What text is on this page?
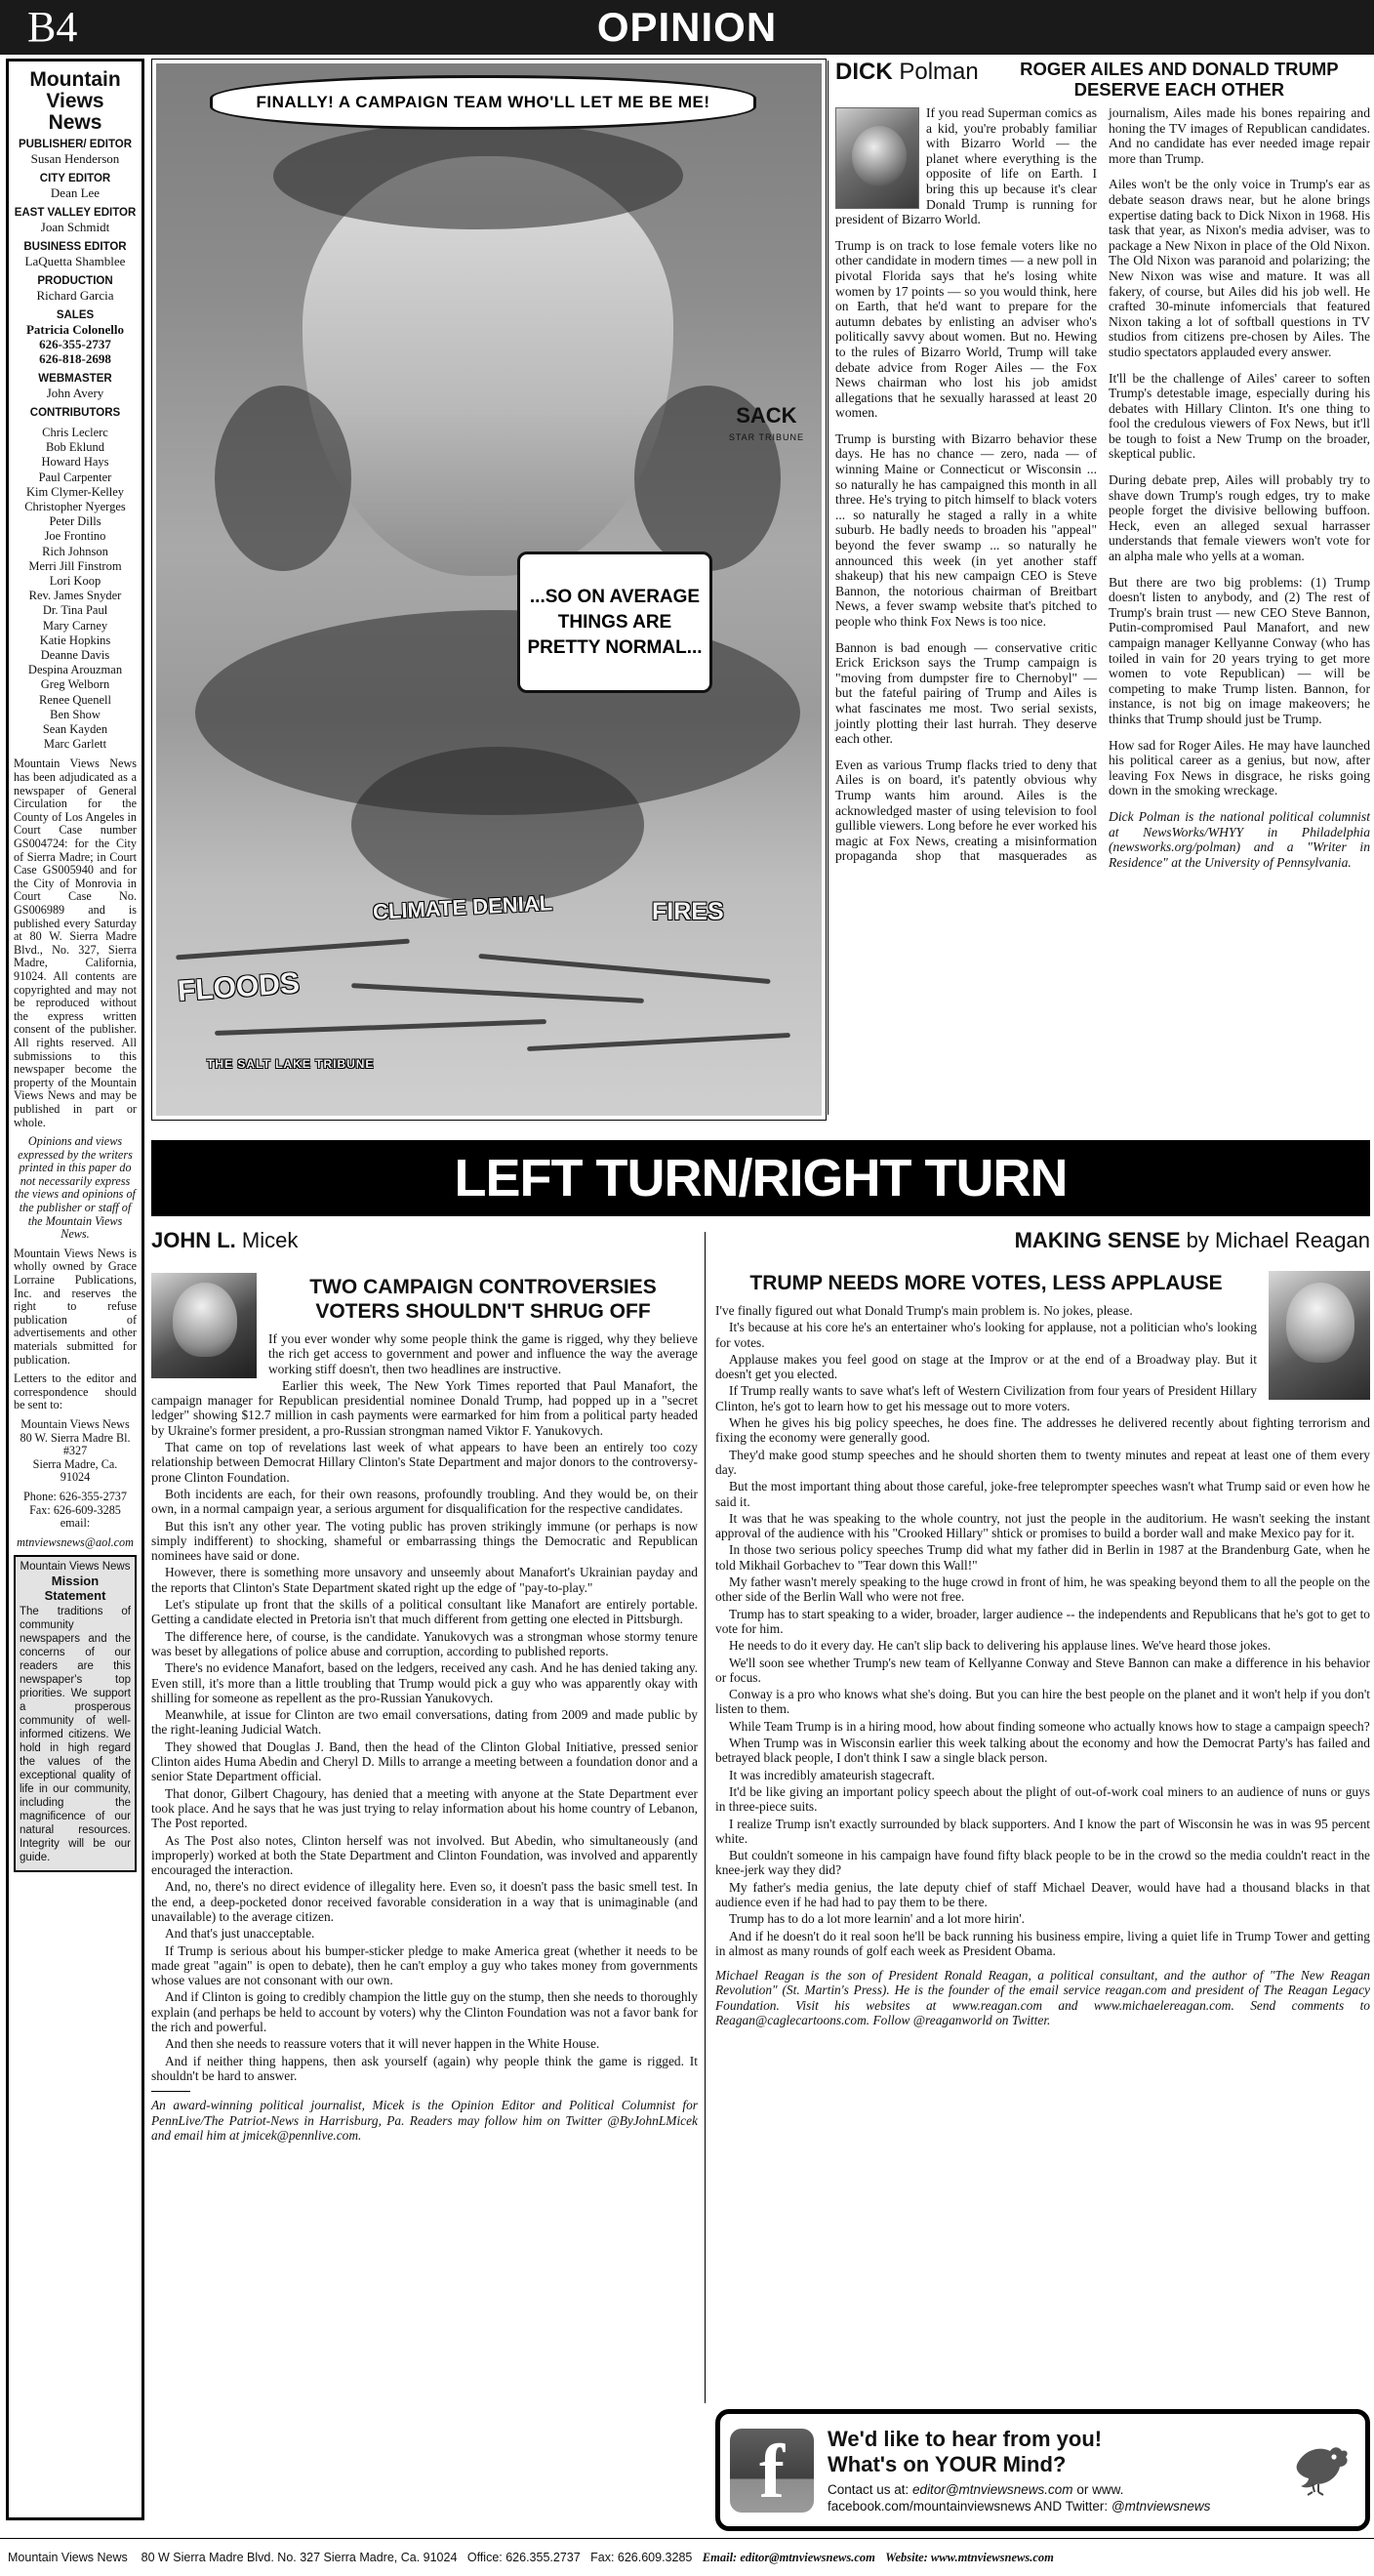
B4	OPINION
Mountain
Views
News
PUBLISHER/ EDITOR
Susan Henderson
CITY EDITOR
Dean Lee
EAST VALLEY EDITOR
Joan Schmidt
BUSINESS EDITOR
LaQuetta Shamblee
PRODUCTION
Richard Garcia
SALES
Patricia Colonello
626-355-2737
626-818-2698
WEBMASTER
John Avery
CONTRIBUTORS
Chris Leclerc
Bob Eklund
Howard Hays
Paul Carpenter
Kim Clymer-Kelley
Christopher Nyerges
Peter Dills
Joe Frontino
Rich Johnson
Merri Jill Finstrom
Lori Koop
Rev. James Snyder
Dr. Tina Paul
Mary Carney
Katie Hopkins
Deanne Davis
Despina Arouzman
Greg Welborn
Renee Quenell
Ben Show
Sean Kayden
Marc Garlett

Mountain Views News has been adjudicated as a newspaper of General Circulation for the County of Los Angeles in Court Case number GS004724: for the City of Sierra Madre; in Court Case GS005940 and for the City of Monrovia in Court Case No. GS006989 and is published every Saturday at 80 W. Sierra Madre Blvd., No. 327, Sierra Madre, California, 91024. All contents are copyrighted and may not be reproduced without the express written consent of the publisher. All rights reserved. All submissions to this newspaper become the property of the Mountain Views News and may be published in part or whole.

Opinions and views expressed by the writers printed in this paper do not necessarily express the views and opinions of the publisher or staff of the Mountain Views News.

Mountain Views News is wholly owned by Grace Lorraine Publications, Inc. and reserves the right to refuse publication of advertisements and other materials submitted for publication.

Letters to the editor and correspondence should be sent to:

Mountain Views News
80 W. Sierra Madre Bl.
#327
Sierra Madre, Ca.
91024

Phone: 626-355-2737
Fax: 626-609-3285
email:

mtnviewsnews@aol.com

Mountain Views News
Mission Statement
The traditions of community newspapers and the concerns of our readers are this newspaper's top priorities. We support a prosperous community of well-informed citizens. We hold in high regard the values of the exceptional quality of life in our community, including the magnificence of our natural resources. Integrity will be our guide.
FINALLY! A CAMPAIGN TEAM WHO'LL LET ME BE ME!
...SO ON AVERAGE THINGS ARE PRETTY NORMAL...
SACK
STAR TRIBUNE
CLIMATE DENIAL	FIRES
FLOODS
THE SALT LAKE TRIBUNE
DICK Polman	ROGER AILES AND DONALD TRUMP DESERVE EACH OTHER

If you read Superman comics as a kid, you're probably familiar with Bizarro World — the planet where everything is the opposite of life on Earth. I bring this up because it's clear Donald Trump is running for president of Bizarro World.

Trump is on track to lose female voters like no other candidate in modern times — a new poll in pivotal Florida says that he's losing white women by 17 points — so you would think, here on Earth, that he'd want to prepare for the autumn debates by enlisting an adviser who's politically savvy about women. But no. Hewing to the rules of Bizarro World, Trump will take debate advice from Roger Ailes — the Fox News chairman who lost his job amidst allegations that he sexually harassed at least 20 women.

Trump is bursting with Bizarro behavior these days. He has no chance — zero, nada — of winning Maine or Connecticut or Wisconsin ... so naturally he has campaigned this month in all three. He's trying to pitch himself to black voters ... so naturally he staged a rally in a white suburb. He badly needs to broaden his "appeal" beyond the fever swamp ... so naturally he announced this week (in yet another staff shakeup) that his new campaign CEO is Steve Bannon, the notorious chairman of Breitbart News, a fever swamp website that's pitched to people who think Fox News is too nice.

Bannon is bad enough — conservative critic Erick Erickson says the Trump campaign is "moving from dumpster fire to Chernobyl" — but the fateful pairing of Trump and Ailes is what fascinates me most. Two serial sexists, jointly plotting their last hurrah. They deserve each other.

Even as various Trump flacks tried to deny that Ailes is on board, it's patently obvious why Trump wants him around. Ailes is the acknowledged master of using television to fool gullible viewers. Long before he ever worked his magic at Fox News, creating a misinformation propaganda shop that masquerades as journalism, Ailes made his bones repairing and honing the TV images of Republican candidates. And no candidate has ever needed image repair more than Trump.

Ailes won't be the only voice in Trump's ear as debate season draws near, but he alone brings expertise dating back to Dick Nixon in 1968. His task that year, as Nixon's media adviser, was to package a New Nixon in place of the Old Nixon. The Old Nixon was paranoid and polarizing; the New Nixon was wise and mature. It was all fakery, of course, but Ailes did his job well. He crafted 30-minute infomercials that featured Nixon taking a lot of softball questions in TV studios from citizens pre-chosen by Ailes. The studio spectators applauded every answer.

It'll be the challenge of Ailes' career to soften Trump's detestable image, especially during his debates with Hillary Clinton. It's one thing to fool the credulous viewers of Fox News, but it'll be tough to foist a New Trump on the broader, skeptical public.

During debate prep, Ailes will probably try to shave down Trump's rough edges, try to make people forget the divisive bellowing buffoon. Heck, even an alleged sexual harrasser understands that female viewers won't vote for an alpha male who yells at a woman.

But there are two big problems: (1) Trump doesn't listen to anybody, and (2) The rest of Trump's brain trust — new CEO Steve Bannon, Putin-compromised Paul Manafort, and new campaign manager Kellyanne Conway (who has toiled in vain for 20 years trying to get more women to vote Republican) — will be competing to make Trump listen. Bannon, for instance, is not big on image makeovers; he thinks that Trump should just be Trump.

How sad for Roger Ailes. He may have launched his political career as a genius, but now, after leaving Fox News in disgrace, he risks going down in the smoking wreckage.

Dick Polman is the national political columnist at NewsWorks/WHYY in Philadelphia (newsworks.org/polman) and a "Writer in Residence" at the University of Pennsylvania.

LEFT TURN/RIGHT TURN
JOHN L. Micek
TWO CAMPAIGN CONTROVERSIES VOTERS SHOULDN'T SHRUG OFF

If you ever wonder why some people think the game is rigged, why they believe the rich get access to government and power and influence the way the average working stiff doesn't, then two headlines are instructive.

Earlier this week, The New York Times reported that Paul Manafort, the campaign manager for Republican presidential nominee Donald Trump, had popped up in a "secret ledger" showing $12.7 million in cash payments were earmarked for him from a political party headed by Ukraine's former president, a pro-Russian strongman named Viktor F. Yanukovych.

That came on top of revelations last week of what appears to have been an entirely too cozy relationship between Democrat Hillary Clinton's State Department and major donors to the controversy-prone Clinton Foundation.

Both incidents are each, for their own reasons, profoundly troubling. And they would be, on their own, in a normal campaign year, a serious argument for disqualification for the respective candidates.

But this isn't any other year. The voting public has proven strikingly immune (or perhaps is now simply indifferent) to shocking, shameful or embarrassing things the Democratic and Republican nominees have said or done.

However, there is something more unsavory and unseemly about Manafort's Ukrainian payday and the reports that Clinton's State Department skated right up the edge of "pay-to-play."

Let's stipulate up front that the skills of a political consultant like Manafort are entirely portable. Getting a candidate elected in Pretoria isn't that much different from getting one elected in Pittsburgh.

The difference here, of course, is the candidate. Yanukovych was a strongman whose stormy tenure was beset by allegations of police abuse and corruption, according to published reports.

There's no evidence Manafort, based on the ledgers, received any cash. And he has denied taking any. Even still, it's more than a little troubling that Trump would pick a guy who was apparently okay with shilling for someone as repellent as the pro-Russian Yanukovych.

Meanwhile, at issue for Clinton are two email conversations, dating from 2009 and made public by the right-leaning Judicial Watch.

They showed that Douglas J. Band, then the head of the Clinton Global Initiative, pressed senior Clinton aides Huma Abedin and Cheryl D. Mills to arrange a meeting between a foundation donor and a senior State Department official.

That donor, Gilbert Chagoury, has denied that a meeting with anyone at the State Department ever took place. And he says that he was just trying to relay information about his home country of Lebanon, The Post reported.

As The Post also notes, Clinton herself was not involved. But Abedin, who simultaneously (and improperly) worked at both the State Department and Clinton Foundation, was involved and apparently encouraged the interaction.

And, no, there's no direct evidence of illegality here. Even so, it doesn't pass the basic smell test. In the end, a deep-pocketed donor received favorable consideration in a way that is unimaginable (and unavailable) to the average citizen.

And that's just unacceptable.

If Trump is serious about his bumper-sticker pledge to make America great (whether it needs to be made great "again" is open to debate), then he can't employ a guy who takes money from governments whose values are not consonant with our own.

And if Clinton is going to credibly champion the little guy on the stump, then she needs to thoroughly explain (and perhaps be held to account by voters) why the Clinton Foundation was not a favor bank for the rich and powerful.

And then she needs to reassure voters that it will never happen in the White House.

And if neither thing happens, then ask yourself (again) why people think the game is rigged. It shouldn't be hard to answer.

An award-winning political journalist, Micek is the Opinion Editor and Political Columnist for PennLive/The Patriot-News in Harrisburg, Pa. Readers may follow him on Twitter @ByJohnLMicek and email him at jmicek@pennlive.com.

MAKING SENSE by Michael Reagan
TRUMP NEEDS MORE VOTES, LESS APPLAUSE

I've finally figured out what Donald Trump's main problem is. No jokes, please.

It's because at his core he's an entertainer who's looking for applause, not a politician who's looking for votes.

Applause makes you feel good on stage at the Improv or at the end of a Broadway play. But it doesn't get you elected.

If Trump really wants to save what's left of Western Civilization from four years of President Hillary Clinton, he's got to learn how to get his message out to more voters.

When he gives his big policy speeches, he does fine. The addresses he delivered recently about fighting terrorism and fixing the economy were generally good.

They'd make good stump speeches and he should shorten them to twenty minutes and repeat at least one of them every day.

But the most important thing about those careful, joke-free teleprompter speeches wasn't what Trump said or even how he said it.

It was that he was speaking to the whole country, not just the people in the auditorium. He wasn't seeking the instant approval of the audience with his "Crooked Hillary" shtick or promises to build a border wall and make Mexico pay for it.

In those two serious policy speeches Trump did what my father did in Berlin in 1987 at the Brandenburg Gate, when he told Mikhail Gorbachev to "Tear down this Wall!"

My father wasn't merely speaking to the huge crowd in front of him, he was speaking beyond them to all the people on the other side of the Berlin Wall who were not free.

Trump has to start speaking to a wider, broader, larger audience -- the independents and Republicans that he's got to get to vote for him.

He needs to do it every day. He can't slip back to delivering his applause lines. We've heard those jokes.

We'll soon see whether Trump's new team of Kellyanne Conway and Steve Bannon can make a difference in his behavior or focus.

Conway is a pro who knows what she's doing. But you can hire the best people on the planet and it won't help if you don't listen to them.

While Team Trump is in a hiring mood, how about finding someone who actually knows how to stage a campaign speech?

When Trump was in Wisconsin earlier this week talking about the economy and how the Democrat Party's has failed and betrayed black people, I don't think I saw a single black person.

It was incredibly amateurish stagecraft.

It'd be like giving an important policy speech about the plight of out-of-work coal miners to an audience of nuns or guys in three-piece suits.

I realize Trump isn't exactly surrounded by black supporters. And I know the part of Wisconsin he was in was 95 percent white.

But couldn't someone in his campaign have found fifty black people to be in the crowd so the media couldn't react in the knee-jerk way they did?

My father's media genius, the late deputy chief of staff Michael Deaver, would have had a thousand blacks in that audience even if he had had to pay them to be there.

Trump has to do a lot more learnin' and a lot more hirin'.

And if he doesn't do it real soon he'll be back running his business empire, living a quiet life in Trump Tower and getting in almost as many rounds of golf each week as President Obama.

Michael Reagan is the son of President Ronald Reagan, a political consultant, and the author of "The New Reagan Revolution" (St. Martin's Press). He is the founder of the email service reagan.com and president of The Reagan Legacy Foundation. Visit his websites at www.reagan.com and www.michaelereagan.com. Send comments to Reagan@caglecartoons.com. Follow @reaganworld on Twitter.

f	We'd like to hear from you!
What's on YOUR Mind?
Contact us at: editor@mtnviewsnews.com or www.
facebook.com/mountainviewsnews AND Twitter: @mtnviewsnews
Mountain Views News 80 W Sierra Madre Blvd. No. 327 Sierra Madre, Ca. 91024 Office: 626.355.2737 Fax: 626.609.3285 Email: editor@mtnviewsnews.com Website: www.mtnviewsnews.com
